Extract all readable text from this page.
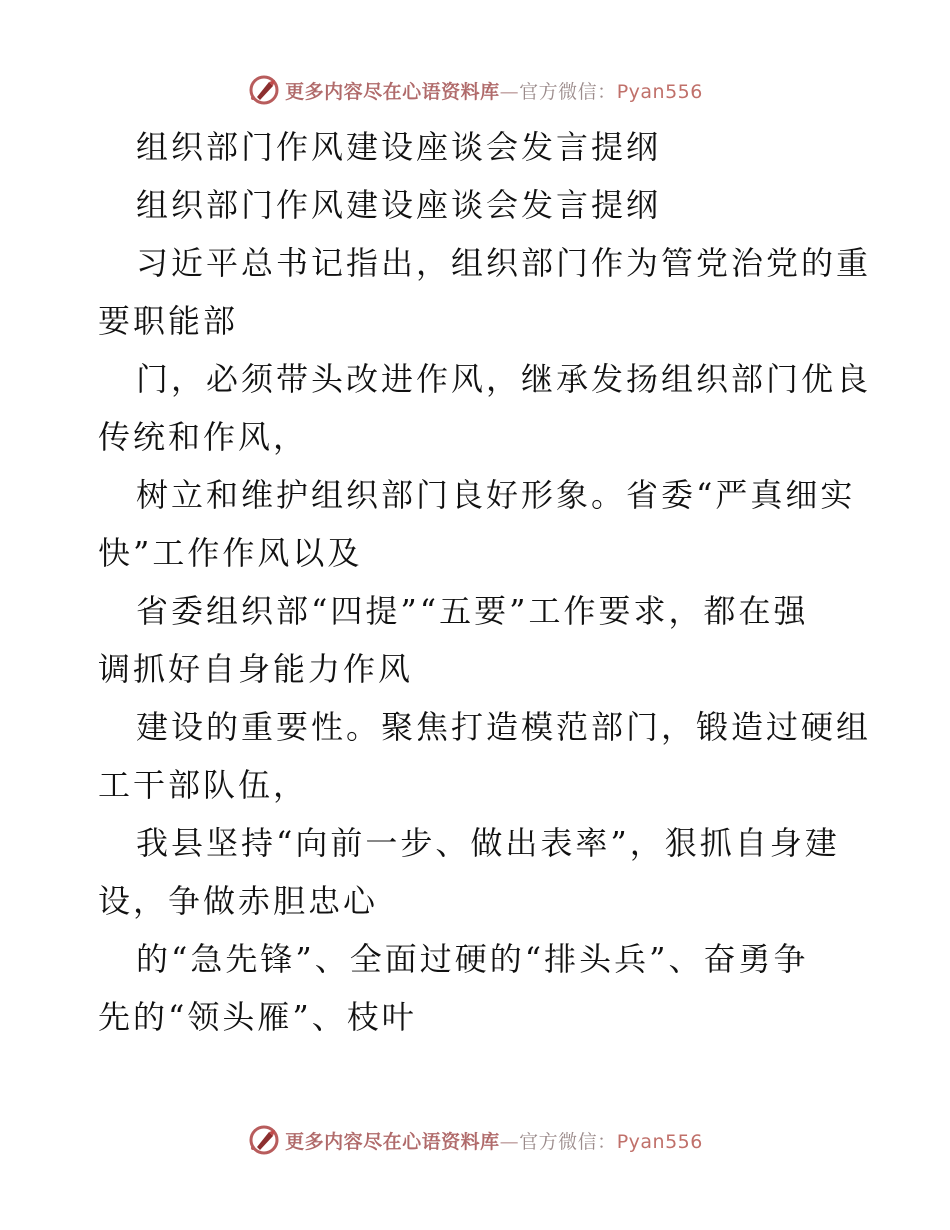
更多内容尽在心语资料库—官方微信：Pyan556
组织部门作风建设座谈会发言提纲
组织部门作风建设座谈会发言提纲
习近平总书记指出，组织部门作为管党治党的重
要职能部
门，必须带头改进作风，继承发扬组织部门优良
传统和作风，
树立和维护组织部门良好形象。省委“严真细实
快”工作作风以及
省委组织部“四提”“五要”工作要求，都在强
调抓好自身能力作风
建设的重要性。聚焦打造模范部门，锻造过硬组
工干部队伍，
我县坚持“向前一步、做出表率”，狠抓自身建
设，争做赤胆忠心
的“急先锋”、全面过硬的“排头兵”、奋勇争
先的“领头雁”、枝叶
更多内容尽在心语资料库—官方微信：Pyan556
